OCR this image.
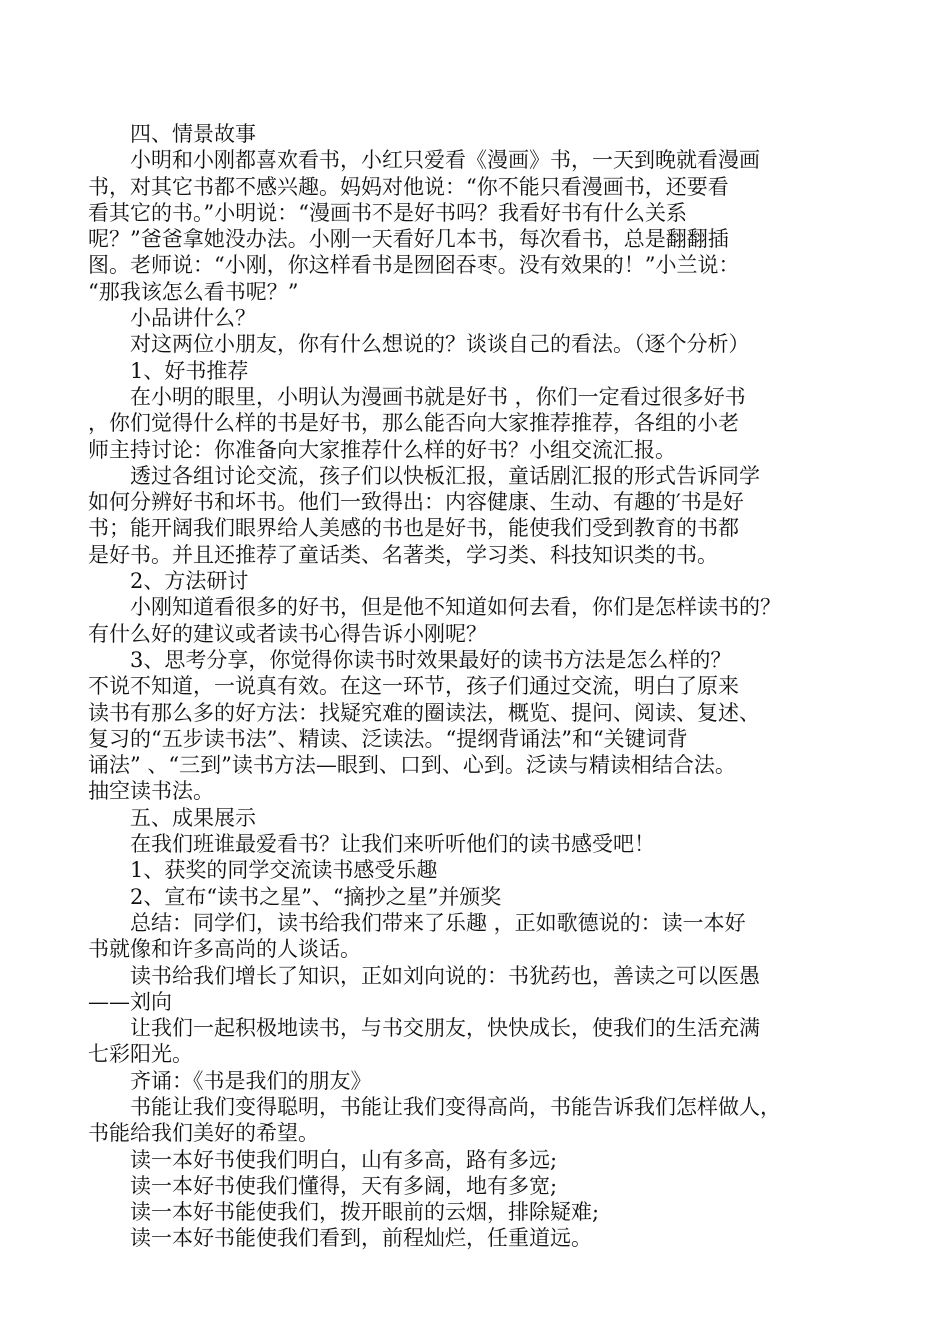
四、情景故事
小明和小刚都喜欢看书，小红只爱看《漫画》书，一天到晚就看漫画
书，对其它书都不感兴趣。妈妈对他说：“你不能只看漫画书，还要看
看其它的书。”小明说：“漫画书不是好书吗？我看好书有什么关系
呢？”爸爸拿她没办法。小刚一天看好几本书，每次看书，总是翻翻插
图。老师说：“小刚，你这样看书是囫囵吞枣。没有效果的！”小兰说：
“那我该怎么看书呢？”
小品讲什么？
对这两位小朋友，你有什么想说的？谈谈自己的看法。（逐个分析）
1、好书推荐
在小明的眼里，小明认为漫画书就是好书 ，你们一定看过很多好书
，你们觉得什么样的书是好书，那么能否向大家推荐推荐，各组的小老
师主持讨论：你准备向大家推荐什么样的好书？小组交流汇报。
透过各组讨论交流，孩子们以快板汇报，童话剧汇报的形式告诉同学
如何分辨好书和坏书。他们一致得出：内容健康、生动、有趣的′书是好
书；能开阔我们眼界给人美感的书也是好书，能使我们受到教育的书都
是好书。并且还推荐了童话类、名著类，学习类、科技知识类的书。
2、方法研讨
小刚知道看很多的好书，但是他不知道如何去看，你们是怎样读书的？
有什么好的建议或者读书心得告诉小刚呢？
3、思考分享，你觉得你读书时效果最好的读书方法是怎么样的？
不说不知道，一说真有效。在这一环节，孩子们通过交流，明白了原来
读书有那么多的好方法：找疑究难的圈读法，概览、提问、阅读、复述、
复习的“五步读书法”、精读、泛读法。“提纲背诵法”和“关键词背
诵法” 、“三到”读书方法—眼到、口到、心到。泛读与精读相结合法。
抽空读书法。
五、成果展示
在我们班谁最爱看书？让我们来听听他们的读书感受吧！
1、获奖的同学交流读书感受乐趣
2、宣布“读书之星”、“摘抄之星”并颁奖
总结：同学们，读书给我们带来了乐趣 ，正如歌德说的：读一本好
书就像和许多高尚的人谈话。
读书给我们增长了知识，正如刘向说的：书犹药也，善读之可以医愚
——刘向
让我们一起积极地读书，与书交朋友，快快成长，使我们的生活充满
七彩阳光。
齐诵：《书是我们的朋友》
书能让我们变得聪明，书能让我们变得高尚，书能告诉我们怎样做人，
书能给我们美好的希望。
读一本好书使我们明白，山有多高，路有多远;
读一本好书使我们懂得，天有多阔，地有多宽;
读一本好书能使我们，拨开眼前的云烟，排除疑难;
读一本好书能使我们看到，前程灿烂，任重道远。
